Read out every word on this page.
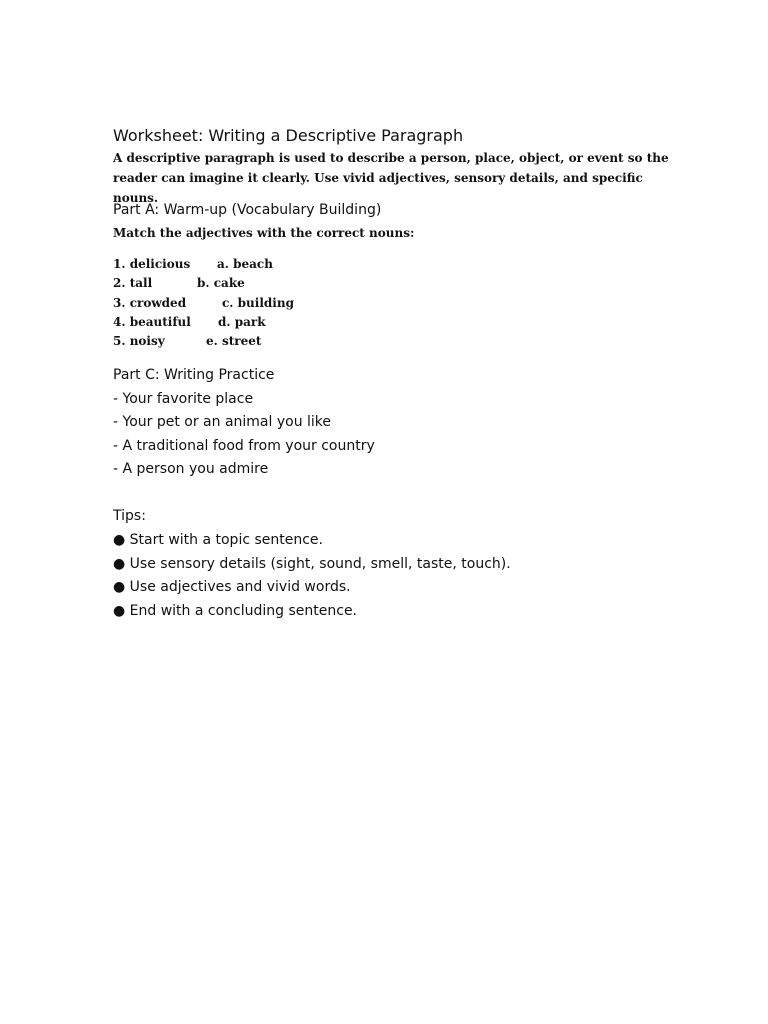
Worksheet: Writing a Descriptive Paragraph
A descriptive paragraph is used to describe a person, place, object, or event so the reader can imagine it clearly. Use vivid adjectives, sensory details, and specific nouns.
Part A: Warm-up (Vocabulary Building)
Match the adjectives with the correct nouns:
1. delicious a. beach
2. tall	b. cake
3. crowded	c. building
4. beautiful d. park
5. noisy	e. street
Part C: Writing Practice
- Your favorite place
- Your pet or an animal you like
- A traditional food from your country
- A person you admire
Tips:
● Start with a topic sentence.
● Use sensory details (sight, sound, smell, taste, touch).
● Use adjectives and vivid words.
● End with a concluding sentence.
